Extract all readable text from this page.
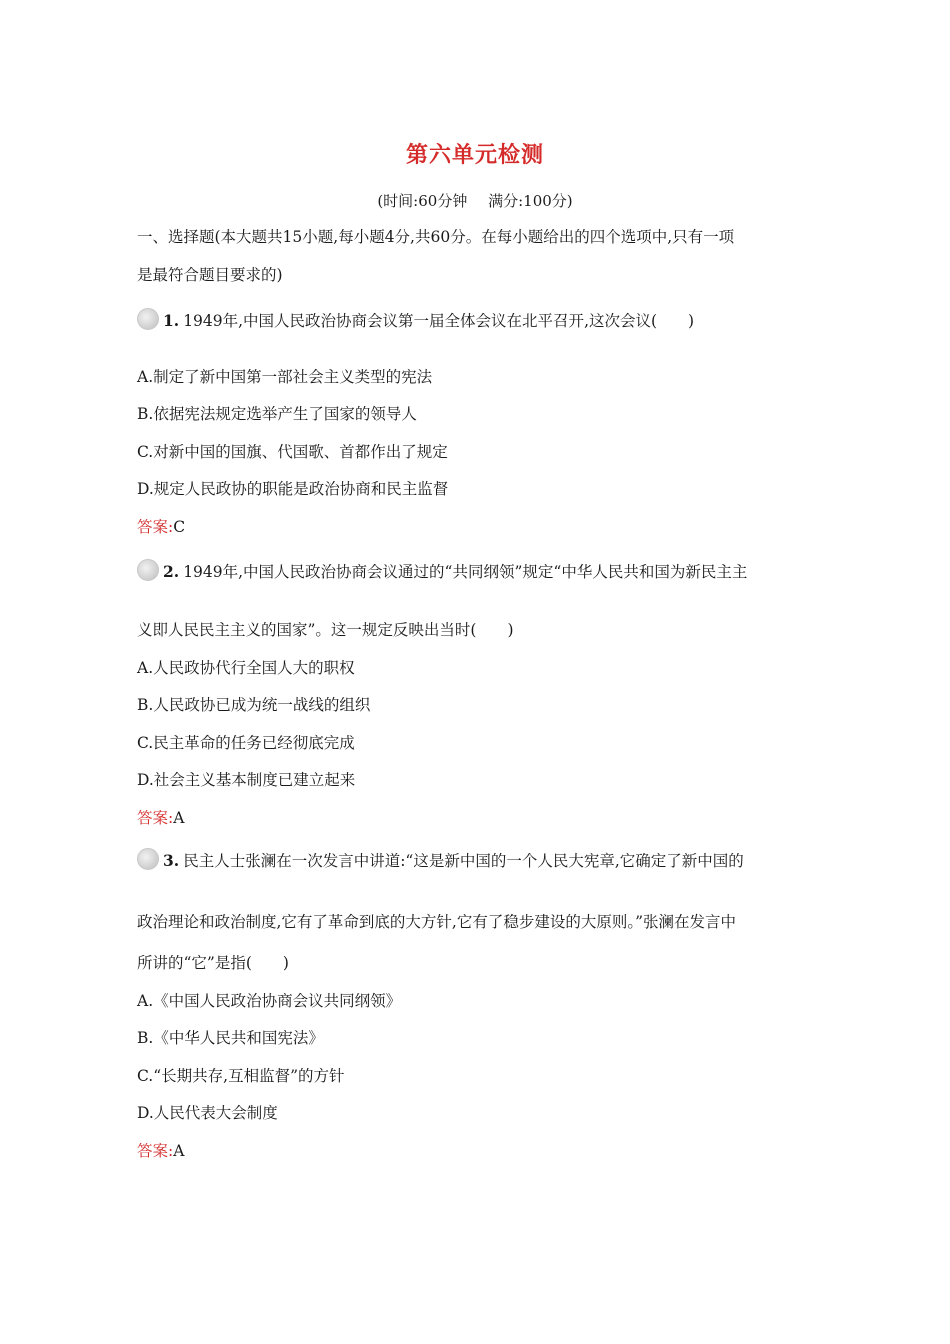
第六单元检测
(时间:60分钟 满分:100分)
一、选择题(本大题共15小题,每小题4分,共60分。在每小题给出的四个选项中,只有一项
是最符合题目要求的)
1. 1949年,中国人民政治协商会议第一届全体会议在北平召开,这次会议(　　)
A.制定了新中国第一部社会主义类型的宪法
B.依据宪法规定选举产生了国家的领导人
C.对新中国的国旗、代国歌、首都作出了规定
D.规定人民政协的职能是政治协商和民主监督
答案:C
2. 1949年,中国人民政治协商会议通过的“共同纲领”规定“中华人民共和国为新民主主
义即人民民主主义的国家”。这一规定反映出当时(　　)
A.人民政协代行全国人大的职权
B.人民政协已成为统一战线的组织
C.民主革命的任务已经彻底完成
D.社会主义基本制度已建立起来
答案:A
3. 民主人士张澜在一次发言中讲道:“这是新中国的一个人民大宪章,它确定了新中国的
政治理论和政治制度,它有了革命到底的大方针,它有了稳步建设的大原则。”张澜在发言中
所讲的“它”是指(　　)
A.《中国人民政治协商会议共同纲领》
B.《中华人民共和国宪法》
C.“长期共存,互相监督”的方针
D.人民代表大会制度
答案:A
